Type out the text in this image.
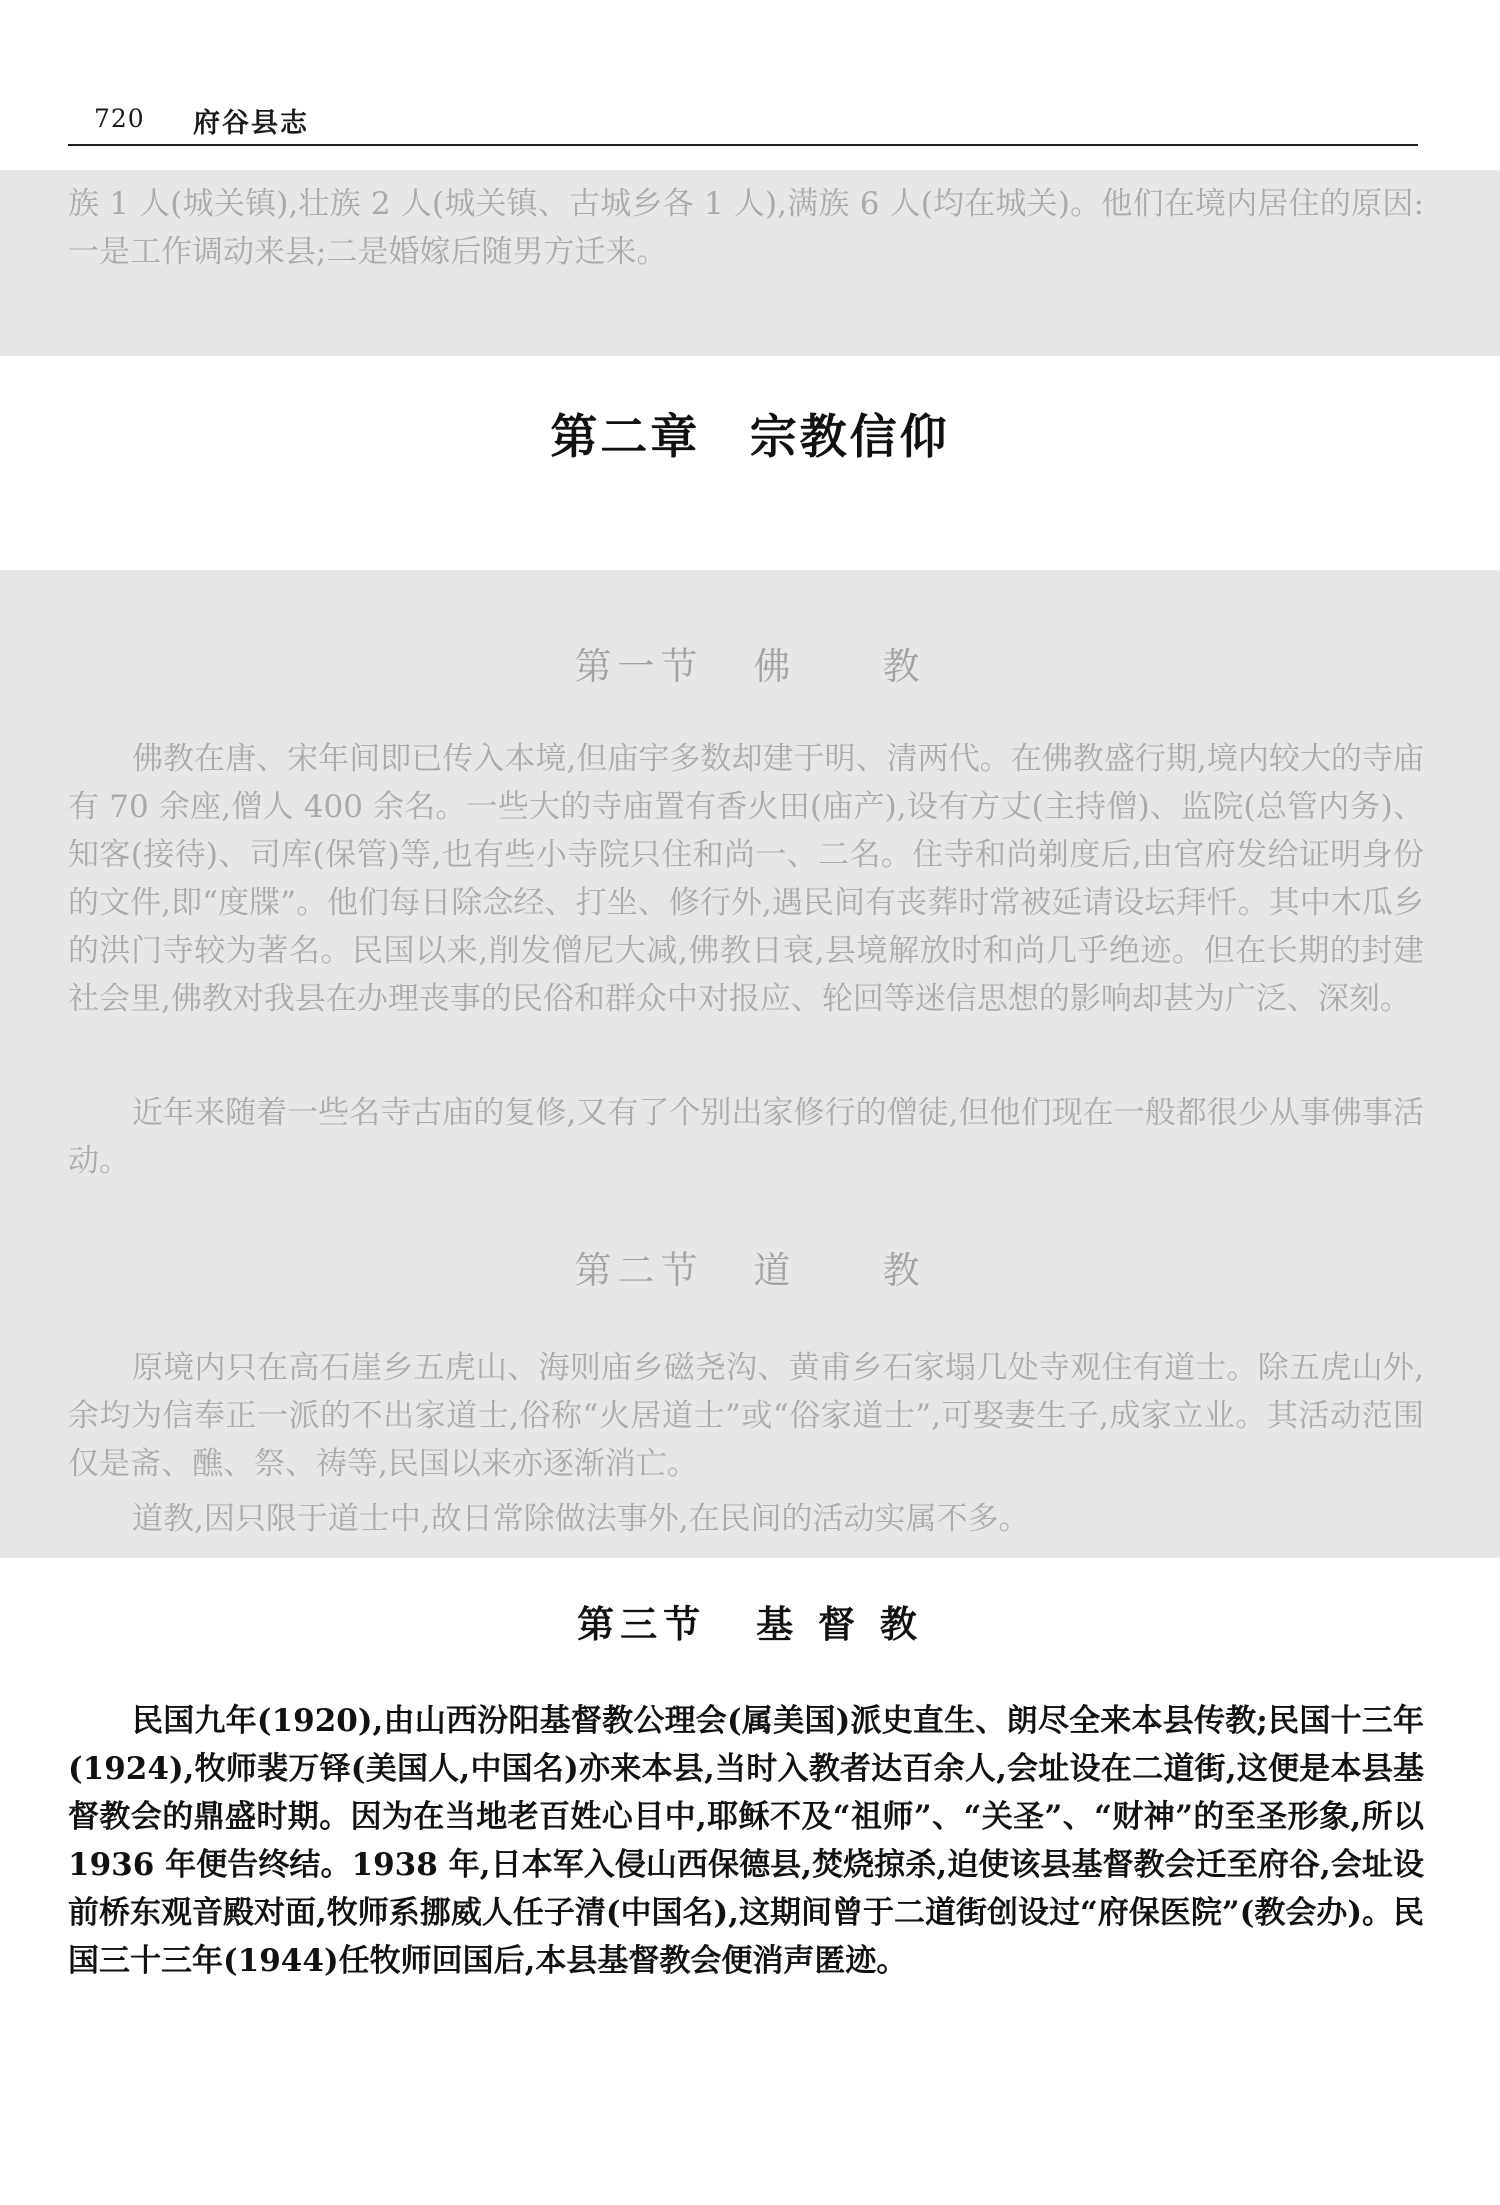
720 府谷县志

族 1 人(城关镇),壮族 2 人(城关镇、古城乡各 1 人),满族 6 人(均在城关)。他们在境内居住的原因:一是工作调动来县;二是婚嫁后随男方迁来。

第二章 宗教信仰
第一节 佛　　教

佛教在唐、宋年间即已传入本境,但庙宇多数却建于明、清两代。在佛教盛行期,境内较大的寺庙有 70 余座,僧人 400 余名。一些大的寺庙置有香火田(庙产),设有方丈(主持僧)、监院(总管内务)、知客(接待)、司库(保管)等,也有些小寺院只住和尚一、二名。住寺和尚剃度后,由官府发给证明身份的文件,即“度牒”。他们每日除念经、打坐、修行外,遇民间有丧葬时常被延请设坛拜忏。其中木瓜乡的洪门寺较为著名。民国以来,削发僧尼大减,佛教日衰,县境解放时和尚几乎绝迹。但在长期的封建社会里,佛教对我县在办理丧事的民俗和群众中对报应、轮回等迷信思想的影响却甚为广泛、深刻。

近年来随着一些名寺古庙的复修,又有了个别出家修行的僧徒,但他们现在一般都很少从事佛事活动。

第二节 道　　教

原境内只在高石崖乡五虎山、海则庙乡磁尧沟、黄甫乡石家塌几处寺观住有道士。除五虎山外,余均为信奉正一派的不出家道士,俗称“火居道士”或“俗家道士”,可娶妻生子,成家立业。其活动范围仅是斋、醮、祭、祷等,民国以来亦逐渐消亡。

道教,因只限于道士中,故日常除做法事外,在民间的活动实属不多。

第三节 基 督 教

民国九年(1920),由山西汾阳基督教公理会(属美国)派史直生、朗尽全来本县传教;民国十三年(1924),牧师裴万铎(美国人,中国名)亦来本县,当时入教者达百余人,会址设在二道街,这便是本县基督教会的鼎盛时期。因为在当地老百姓心目中,耶稣不及“祖师”、“关圣”、“财神”的至圣形象,所以 1936 年便告终结。1938 年,日本军入侵山西保德县,焚烧掠杀,迫使该县基督教会迁至府谷,会址设前桥东观音殿对面,牧师系挪威人任子清(中国名),这期间曾于二道街创设过“府保医院”(教会办)。民国三十三年(1944)任牧师回国后,本县基督教会便消声匿迹。
